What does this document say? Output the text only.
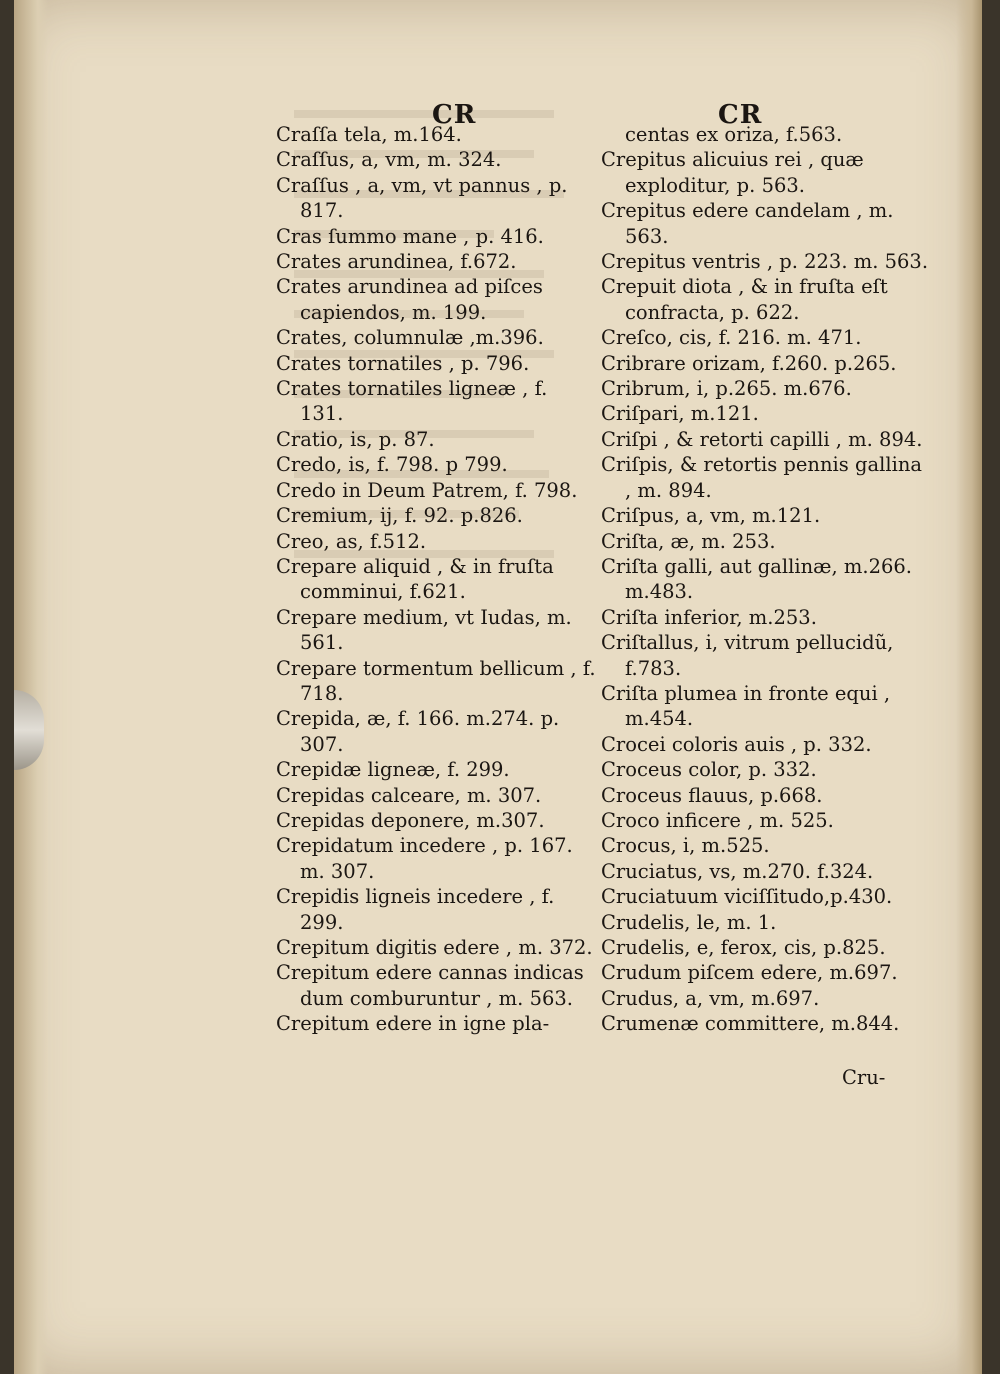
CR	CR

Craſſa tela, m.164.

Craſſus, a, vm, m. 324.

Craſſus , a, vm, vt pannus , p. 817.

Cras ſummo mane , p. 416.

Crates arundinea, f.672.

Crates arundinea ad piſces capiendos, m. 199.

Crates, columnulæ ,m.396.

Crates tornatiles , p. 796.

Crates tornatiles ligneæ , f. 131.

Cratio, is, p. 87.

Credo, is, f. 798. p 799.

Credo in Deum Patrem, f. 798.

Cremium, ij, f. 92. p.826.

Creo, as, f.512.

Crepare aliquid , & in fruſta comminui, f.621.

Crepare medium, vt Iudas, m. 561.

Crepare tormentum bellicum , f. 718.

Crepida, æ, f. 166. m.274. p. 307.

Crepidæ ligneæ, f. 299.

Crepidas calceare, m. 307.

Crepidas deponere, m.307.

Crepidatum incedere , p. 167. m. 307.

Crepidis ligneis incedere , f. 299.

Crepitum digitis edere , m. 372.

Crepitum edere cannas indicas dum comburuntur , m. 563.

Crepitum edere in igne pla-

centas ex oriza, f.563.

Crepitus alicuius rei , quæ exploditur, p. 563.

Crepitus edere candelam , m. 563.

Crepitus ventris , p. 223. m. 563.

Crepuit diota , & in fruſta eſt confracta, p. 622.

Creſco, cis, f. 216. m. 471.

Cribrare orizam, f.260. p.265.

Cribrum, i, p.265. m.676.

Criſpari, m.121.

Criſpi , & retorti capilli , m. 894.

Criſpis, & retortis pennis gallina , m. 894.

Criſpus, a, vm, m.121.

Criſta, æ, m. 253.

Criſta galli, aut gallinæ, m.266. m.483.

Criſta inferior, m.253.

Criſtallus, i, vitrum pellucidũ, f.783.

Criſta plumea in fronte equi , m.454.

Crocei coloris auis , p. 332.

Croceus color, p. 332.

Croceus flauus, p.668.

Croco inficere , m. 525.

Crocus, i, m.525.

Cruciatus, vs, m.270. f.324.

Cruciatuum viciſſitudo,p.430.

Crudelis, le, m. 1.

Crudelis, e, ferox, cis, p.825.

Crudum piſcem edere, m.697.

Crudus, a, vm, m.697.

Crumenæ committere, m.844.

Cru-
